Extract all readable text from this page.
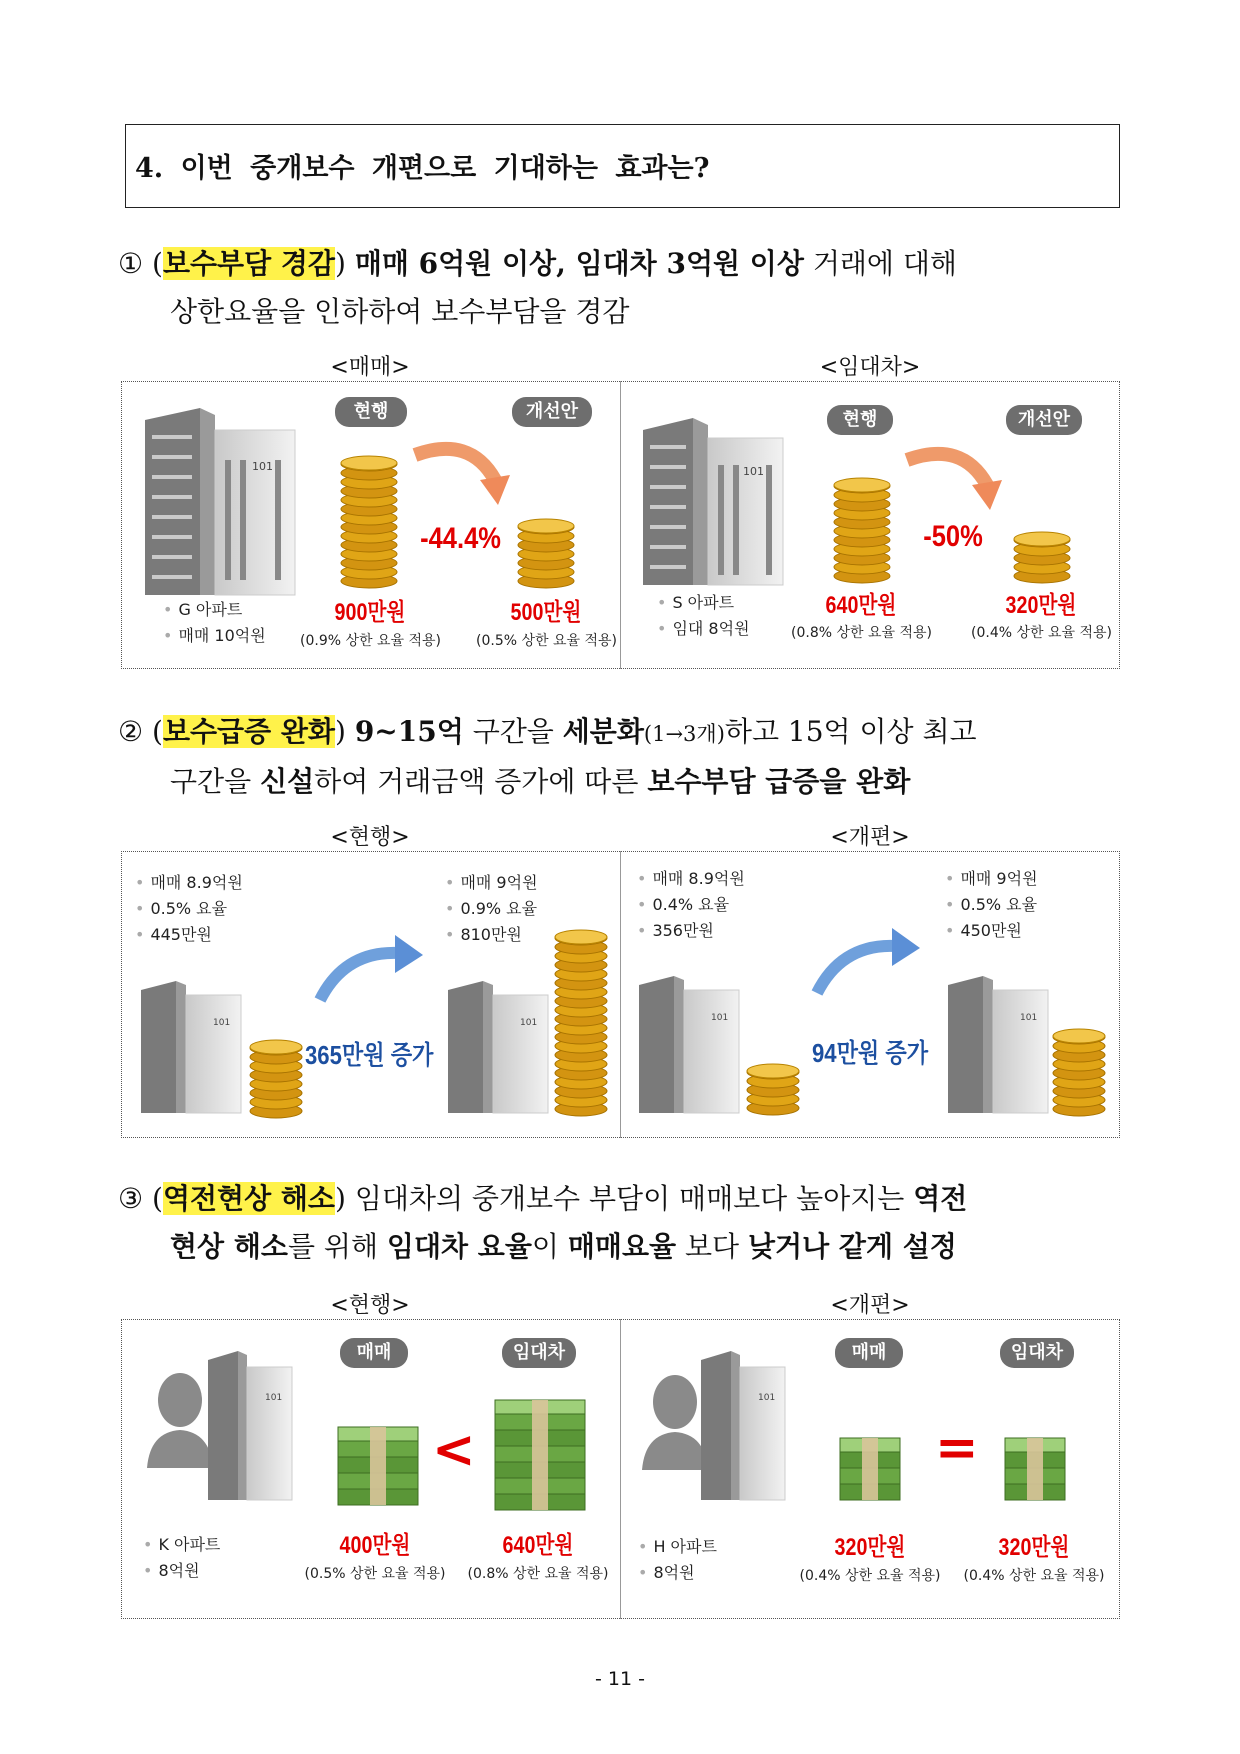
4. 이번 중개보수 개편으로 기대하는 효과는?
① (보수부담 경감) 매매 6억원 이상, 임대차 3억원 이상 거래에 대해
상한요율을 인하하여 보수부담을 경감
<매매>	<임대차>
101
현행	개선안
-44.4%
• G 아파트
• 매매 10억원
900만원
(0.9% 상한 요율 적용)
500만원
(0.5% 상한 요율 적용)
101
현행	개선안
-50%
• S 아파트
• 임대 8억원
640만원
(0.8% 상한 요율 적용)
320만원
(0.4% 상한 요율 적용)
② (보수급증 완화) 9~15억 구간을 세분화(1→3개)하고 15억 이상 최고
구간을 신설하여 거래금액 증가에 따른 보수부담 급증을 완화
<현행>	<개편>
• 매매 8.9억원
• 0.5% 요율
• 445만원
• 매매 9억원
• 0.9% 요율
• 810만원
101	101
365만원 증가
• 매매 8.9억원
• 0.4% 요율
• 356만원
• 매매 9억원
• 0.5% 요율
• 450만원
101	101
94만원 증가
③ (역전현상 해소) 임대차의 중개보수 부담이 매매보다 높아지는 역전
현상 해소를 위해 임대차 요율이 매매요율 보다 낮거나 같게 설정
<현행>	<개편>
101
매매	임대차
<
• K 아파트
• 8억원
400만원
(0.5% 상한 요율 적용)
640만원
(0.8% 상한 요율 적용)
101
매매	임대차
=
• H 아파트
• 8억원
320만원
(0.4% 상한 요율 적용)
320만원
(0.4% 상한 요율 적용)
- 11 -
